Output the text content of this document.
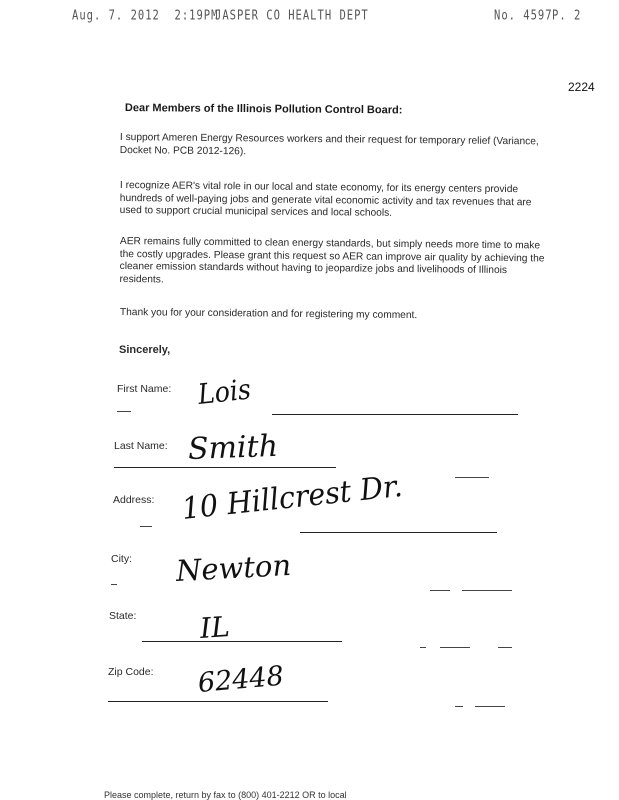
Aug. 7. 2012  2:19PM
JASPER CO HEALTH DEPT	No. 4597 P. 2
2224
Dear Members of the Illinois Pollution Control Board:

I support Ameren Energy Resources workers and their request for temporary relief (Variance, Docket No. PCB 2012-126).

I recognize AER's vital role in our local and state economy, for its energy centers provide hundreds of well-paying jobs and generate vital economic activity and tax revenues that are used to support crucial municipal services and local schools.

AER remains fully committed to clean energy standards, but simply needs more time to make the costly upgrades. Please grant this request so AER can improve air quality by achieving the cleaner emission standards without having to jeopardize jobs and livelihoods of Illinois residents.

Thank you for your consideration and for registering my comment.

Sincerely,
First Name: Lois
Last Name: Smith
Address: 10 Hillcrest Dr.
City: Newton
State: IL
Zip Code: 62448
Please complete, return by fax to (800) 401-2212 OR to local
